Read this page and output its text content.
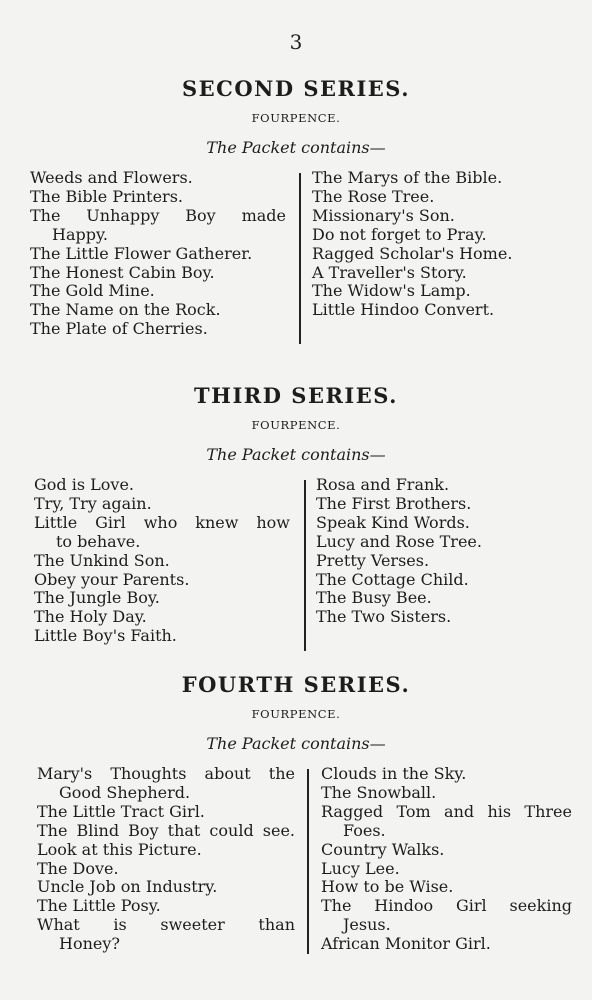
3
SECOND SERIES.
FOURPENCE.
The Packet contains—
Weeds and Flowers.
The Bible Printers.
The Unhappy Boy made
Happy.
The Little Flower Gatherer.
The Honest Cabin Boy.
The Gold Mine.
The Name on the Rock.
The Plate of Cherries.
The Marys of the Bible.
The Rose Tree.
Missionary's Son.
Do not forget to Pray.
Ragged Scholar's Home.
A Traveller's Story.
The Widow's Lamp.
Little Hindoo Convert.
THIRD SERIES.
FOURPENCE.
The Packet contains—
God is Love.
Try, Try again.
Little Girl who knew how
to behave.
The Unkind Son.
Obey your Parents.
The Jungle Boy.
The Holy Day.
Little Boy's Faith.
Rosa and Frank.
The First Brothers.
Speak Kind Words.
Lucy and Rose Tree.
Pretty Verses.
The Cottage Child.
The Busy Bee.
The Two Sisters.
FOURTH SERIES.
FOURPENCE.
The Packet contains—
Mary's Thoughts about the
Good Shepherd.
The Little Tract Girl.
The Blind Boy that could see.
Look at this Picture.
The Dove.
Uncle Job on Industry.
The Little Posy.
What is sweeter than
Honey?
Clouds in the Sky.
The Snowball.
Ragged Tom and his Three
Foes.
Country Walks.
Lucy Lee.
How to be Wise.
The Hindoo Girl seeking
Jesus.
African Monitor Girl.
